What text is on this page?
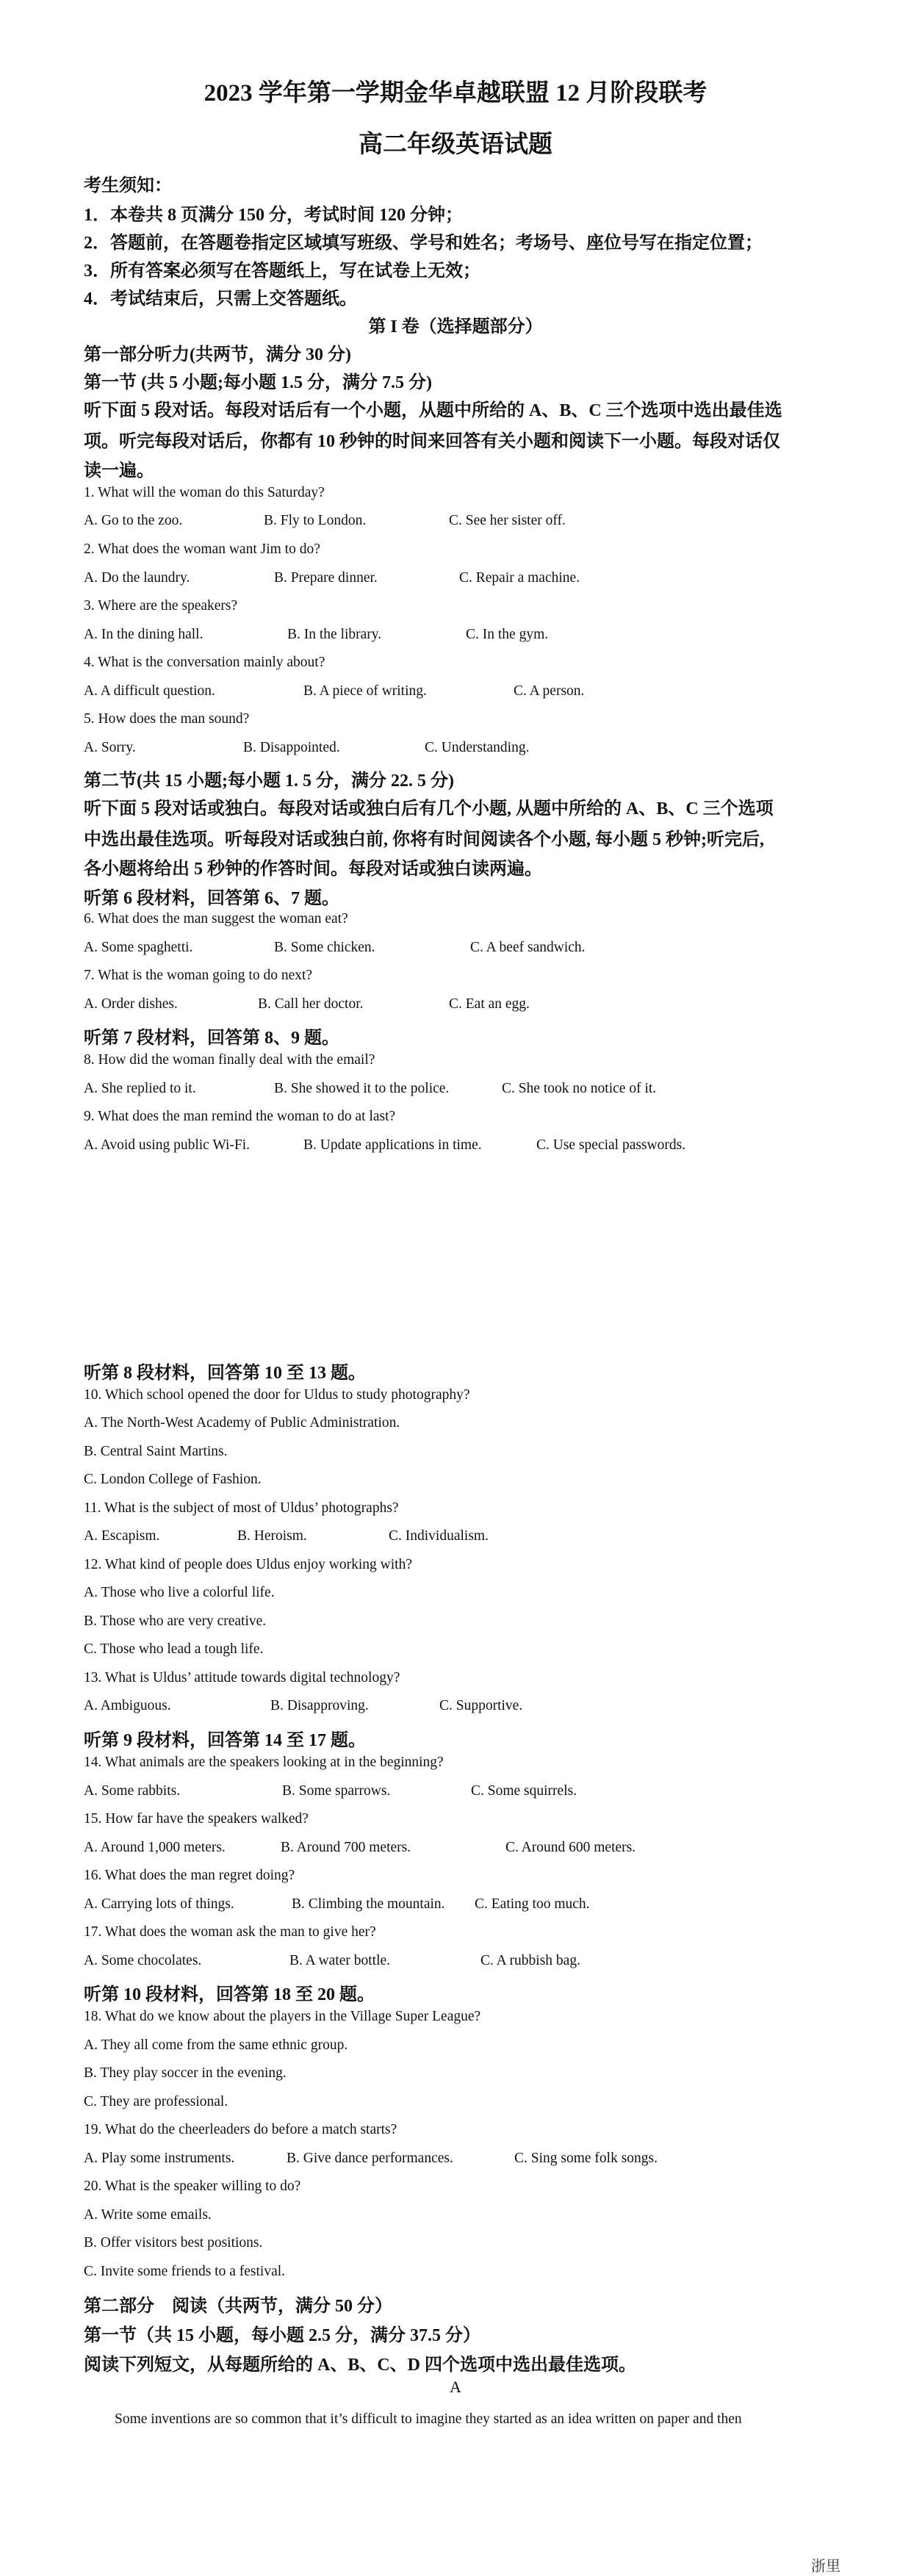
2023 学年第一学期金华卓越联盟 12 月阶段联考
高二年级英语试题
考生须知：
1．本卷共 8 页满分 150 分，考试时间 120 分钟；
2．答题前，在答题卷指定区域填写班级、学号和姓名；考场号、座位号写在指定位置；
3．所有答案必须写在答题纸上，写在试卷上无效；
4．考试结束后，只需上交答题纸。
第 I 卷（选择题部分）
第一部分听力(共两节，满分 30 分)
第一节 (共 5 小题;每小题 1.5 分，满分 7.5 分)
听下面 5 段对话。每段对话后有一个小题，从题中所给的 A、B、C 三个选项中选出最佳选
项。听完每段对话后，你都有 10 秒钟的时间来回答有关小题和阅读下一小题。每段对话仅
读一遍。
1. What will the woman do this Saturday?
A. Go to the zoo.	B. Fly to London.	C. See her sister off.
2. What does the woman want Jim to do?
A. Do the laundry.	B. Prepare dinner.	C. Repair a machine.
3. Where are the speakers?
A. In the dining hall.	B. In the library.	C. In the gym.
4. What is the conversation mainly about?
A. A difficult question.	B. A piece of writing.	C. A person.
5. How does the man sound?
A. Sorry.	B. Disappointed.	C. Understanding.
第二节(共 15 小题;每小题 1. 5 分，满分 22. 5 分)
听下面 5 段对话或独白。每段对话或独白后有几个小题, 从题中所给的 A、B、C 三个选项
中选出最佳选项。听每段对话或独白前, 你将有时间阅读各个小题, 每小题 5 秒钟;听完后,
各小题将给出 5 秒钟的作答时间。每段对话或独白读两遍。
听第 6 段材料，回答第 6、7 题。
6. What does the man suggest the woman eat?
A. Some spaghetti.	B. Some chicken.	C. A beef sandwich.
7. What is the woman going to do next?
A. Order dishes.	B. Call her doctor.	C. Eat an egg.
听第 7 段材料，回答第 8、9 题。
8. How did the woman finally deal with the email?
A. She replied to it.	B. She showed it to the police.	C. She took no notice of it.
9. What does the man remind the woman to do at last?
A. Avoid using public Wi-Fi.	B. Update applications in time.	C. Use special passwords.
听第 8 段材料，回答第 10 至 13 题。
10. Which school opened the door for Uldus to study photography?
A. The North-West Academy of Public Administration.
B. Central Saint Martins.
C. London College of Fashion.
11. What is the subject of most of Uldus’ photographs?
A. Escapism.	B. Heroism.	C. Individualism.
12. What kind of people does Uldus enjoy working with?
A. Those who live a colorful life.
B. Those who are very creative.
C. Those who lead a tough life.
13. What is Uldus’ attitude towards digital technology?
A. Ambiguous.	B. Disapproving.	C. Supportive.
听第 9 段材料，回答第 14 至 17 题。
14. What animals are the speakers looking at in the beginning?
A. Some rabbits.	B. Some sparrows.	C. Some squirrels.
15. How far have the speakers walked?
A. Around 1,000 meters.	B. Around 700 meters.	C. Around 600 meters.
16. What does the man regret doing?
A. Carrying lots of things.	B. Climbing the mountain. C. Eating too much.
17. What does the woman ask the man to give her?
A. Some chocolates.	B. A water bottle.	C. A rubbish bag.
听第 10 段材料，回答第 18 至 20 题。
18. What do we know about the players in the Village Super League?
A. They all come from the same ethnic group.
B. They play soccer in the evening.
C. They are professional.
19. What do the cheerleaders do before a match starts?
A. Play some instruments.	B. Give dance performances.	C. Sing some folk songs.
20. What is the speaker willing to do?
A. Write some emails.
B. Offer visitors best positions.
C. Invite some friends to a festival.
第二部分　阅读（共两节，满分 50 分）
第一节（共 15 小题，每小题 2.5 分，满分 37.5 分）
阅读下列短文，从每题所给的 A、B、C、D 四个选项中选出最佳选项。
A
Some inventions are so common that it’s difficult to imagine they started as an idea written on paper and then
浙里
